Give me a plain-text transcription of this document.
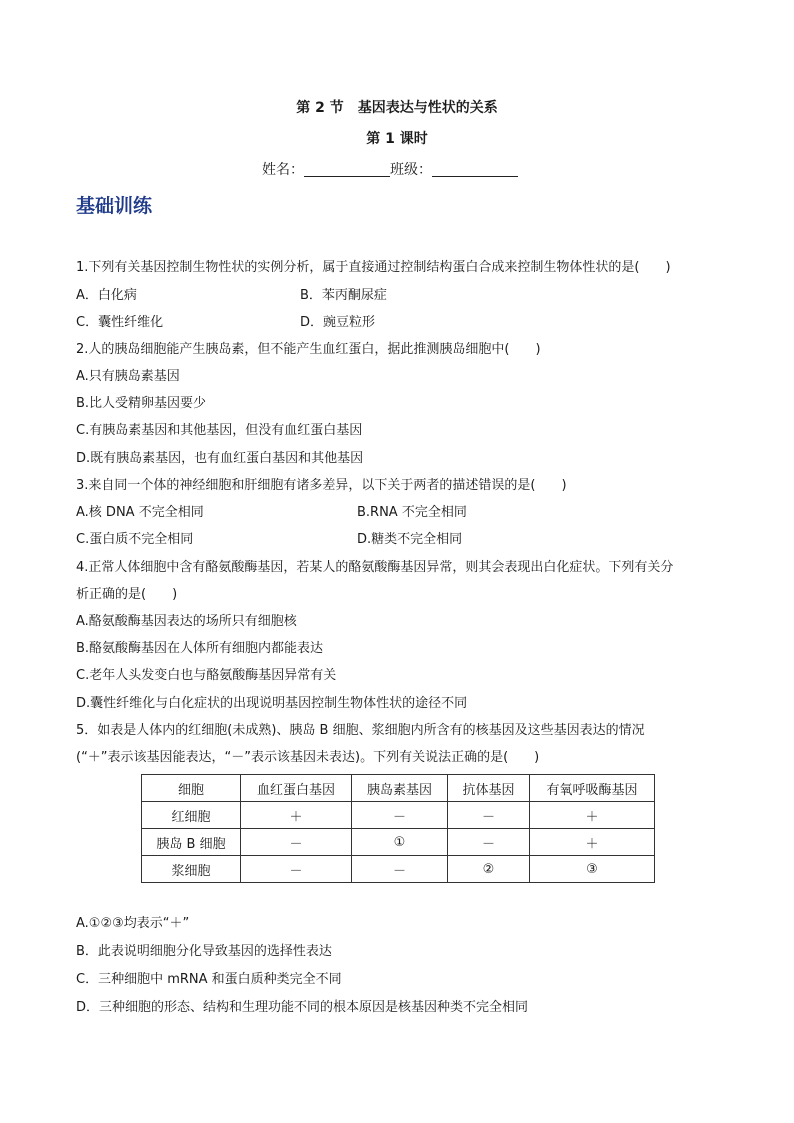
第 2 节　基因表达与性状的关系
第 1 课时
姓名：	班级：
基础训练
1.下列有关基因控制生物性状的实例分析，属于直接通过控制结构蛋白合成来控制生物体性状的是(　　)
A．白化病	B．苯丙酮尿症
C．囊性纤维化	D．豌豆粒形
2.人的胰岛细胞能产生胰岛素，但不能产生血红蛋白，据此推测胰岛细胞中(　　)
A.只有胰岛素基因
B.比人受精卵基因要少
C.有胰岛素基因和其他基因，但没有血红蛋白基因
D.既有胰岛素基因，也有血红蛋白基因和其他基因
3.来自同一个体的神经细胞和肝细胞有诸多差异，以下关于两者的描述错误的是(　　)
A.核 DNA 不完全相同	B.RNA 不完全相同
C.蛋白质不完全相同	D.糖类不完全相同
4.正常人体细胞中含有酪氨酸酶基因，若某人的酪氨酸酶基因异常，则其会表现出白化症状。下列有关分
析正确的是(　　)
A.酪氨酸酶基因表达的场所只有细胞核
B.酪氨酸酶基因在人体所有细胞内都能表达
C.老年人头发变白也与酪氨酸酶基因异常有关
D.囊性纤维化与白化症状的出现说明基因控制生物体性状的途径不同
5．如表是人体内的红细胞(未成熟)、胰岛 B 细胞、浆细胞内所含有的核基因及这些基因表达的情况
(“＋”表示该基因能表达，“－”表示该基因未表达)。下列有关说法正确的是(　　)
细胞	血红蛋白基因	胰岛素基因	抗体基因	有氧呼吸酶基因
红细胞	＋	－	－	＋
胰岛 B 细胞	－	①	－	＋
浆细胞	－	－	②	③
A.①②③均表示“＋”
B．此表说明细胞分化导致基因的选择性表达
C．三种细胞中 mRNA 和蛋白质种类完全不同
D．三种细胞的形态、结构和生理功能不同的根本原因是核基因种类不完全相同
